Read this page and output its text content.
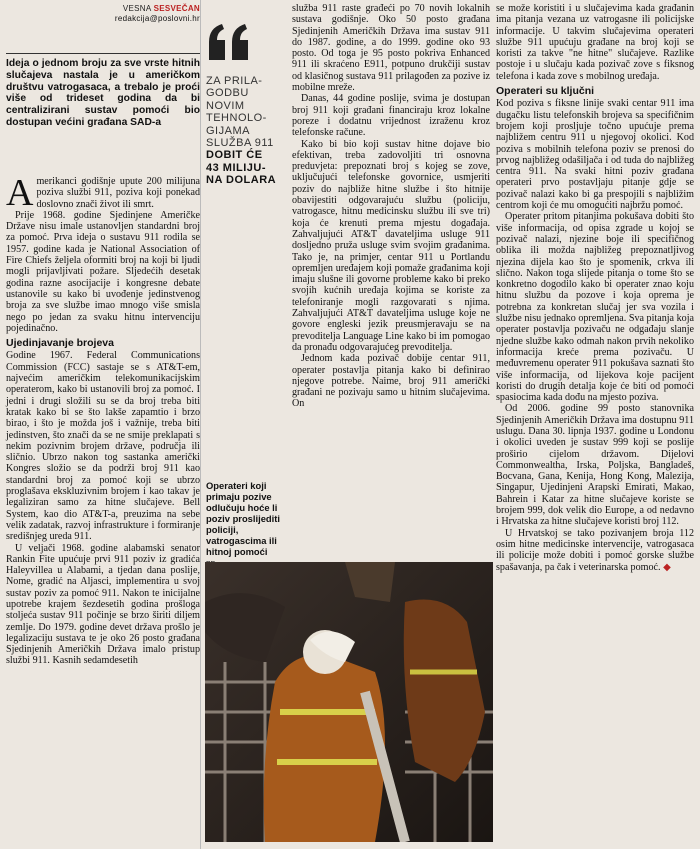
VESNA SESVEČAN
redakcija@poslovni.hr
Ideja o jednom broju za sve vrste hitnih slučajeva nastala je u američkom društvu vatrogasaca, a trebalo je proći više od trideset godina da bi centralizirani sustav pomoći bio dostupan većini građana SAD-a

Amerikanci godišnje upute 200 milijuna poziva službi 911, poziva koji ponekad doslovno znači život ili smrt.

Prije 1968. godine Sjedinjene Američke Države nisu imale ustanovljen standardni broj za pomoć. Prva ideja o sustavu 911 rodila se 1957. godine kada je National Association of Fire Chiefs željela oformiti broj na koji bi ljudi mogli prijavljivati požare. Sljedećih desetak godina razne asocijacije i kongresne debate ustanovile su kako bi uvođenje jedinstvenog broja za sve službe imao mnogo više smisla nego po jedan za svaku hitnu intervenciju pojedinačno.

Ujedinjavanje brojeva

Godine 1967. Federal Communications Commission (FCC) sastaje se s AT&T-em, najvećim američkim telekomunikacijskim operaterom, kako bi ustanovili broj za pomoć. I jedni i drugi složili su se da broj treba biti kratak kako bi se što lakše zapamtio i brzo birao, i što je možda još i važnije, treba biti jedinstven, što znači da se ne smije preklapati s nekim pozivnim brojem države, područja ili sličnio. Ubrzo nakon tog sastanka američki Kongres složio se da podrži broj 911 kao standardni broj za pomoć koji se ubrzo proglašava ekskluzivnim brojem i kao takav je legaliziran samo za hitne slučajeve. Bell System, kao dio AT&T-a, preuzima na sebe velik zadatak, razvoj infrastrukture i formiranje središnjeg ureda 911.

U veljači 1968. godine alabamski senator Rankin Fite upućuje prvi 911 poziv iz gradića Haleyvillea u Alabami, a tjedan dana poslije, Nome, gradić na Aljasci, implementira u svoj sustav poziv za pomoć 911. Nakon te inicijalne upotrebe krajem šezdesetih godina prošloga stoljeća sustav 911 počinje se brzo širiti diljem zemlje. Do 1979. godine devet država prošlo je legalizaciju sustava te je oko 26 posto građana Sjedinjenih Američkih Država imalo pristup službi 911. Kasnih sedamdesetih

ZA PRILA-
GODBU
NOVIM
TEHNOLO-
GIJAMA
SLUŽBA 911
DOBIT ĆE
43 MILIJU-
NA DOLARA
Operateri koji primaju pozive odlučuju hoće li poziv proslijediti policiji, vatrogascima ili hitnoj pomoći

služba 911 raste građeći po 70 novih lokalnih sustava godišnje. Oko 50 posto građana Sjedinjenih Američkih Država ima sustav 911 do 1987. godine, a do 1999. godine oko 93 posto. Od toga je 95 posto pokriva Enhanced 911 ili skraćeno E911, potpuno drukčiji sustav od klasičnog sustava 911 prilagođen za pozive iz mobilne mreže.

Danas, 44 godine poslije, svima je dostupan broj 911 koji građani financiraju kroz lokalne poreze i dodatnu vrijednost izraženu kroz telefonske račune.

Kako bi bio koji sustav hitne dojave bio efektivan, treba zadovoljiti tri osnovna preduvjeta: prepoznati broj s kojeg se zove, uključujući telefonske govornice, usmjeriti poziv do najbliže hitne službe i što hitnije obavijestiti odgovarajuću službu (policiju, vatrogasce, hitnu medicinsku službu ili sve tri) koja će krenuti prema mjestu događaja. Zahvaljujući AT&T davateljima usluge 911 dosljedno pruža usluge svim svojim građanima. Tako je, na primjer, centar 911 u Portlandu opremljen uređajem koji pomaže građanima koji imaju slušne ili govorne probleme kako bi preko svojih kućnih uređaja kojima se koriste za telefoniranje mogli razgovarati s njima. Zahvaljujući AT&T davateljima usluge koje ne govore engleski jezik preusmjeravaju se na prevoditelja Language Line kako bi im pomogao da pronađu odgovarajućeg prevoditelja.

Jednom kada pozivač dobije centar 911, operater postavlja pitanja kako bi definirao njegove potrebe. Naime, broj 911 američki građani ne pozivaju samo u hitnim slučajevima. On

se može koristiti i u slučajevima kada građanin ima pitanja vezana uz vatrogasne ili policijske informacije. U takvim slučajevima operateri službe 911 upućuju građane na broj koji se koristi za takve "ne hitne" slučajeve. Razlike postoje i u slučaju kada pozivač zove s fiksnog telefona i kada zove s mobilnog uređaja.

Operateri su ključni

Kod poziva s fiksne linije svaki centar 911 ima dugačku listu telefonskih brojeva sa specifičnim brojem koji prosljuje točno upućuje prema najbližem centru 911 u njegovoj okolici. Kod poziva s mobilnih telefona poziv se prenosi do prvog najbližeg odašiljača i od tuda do najbližeg centra 911. Na svaki hitni poziv građana operateri prvo postavljaju pitanje gdje se pozivač nalazi kako bi ga prespojili s najbližim centrom koji će mu omogućiti najbržu pomoć.

Operater pritom pitanjima pokušava dobiti što više informacija, od opisa zgrade u kojoj se pozivač nalazi, njezine boje ili specifičnog oblika ili možda najbližeg prepoznatljivog njezina dijela kao što je spomenik, crkva ili slično. Nakon toga slijede pitanja o tome što se konkretno dogodilo kako bi operater znao koju hitnu službu da pozove i koja oprema je potrebna za konkretan slučaj jer sva vozila i službe nisu jednako opremljena. Sva pitanja koja operater postavlja pozivaču ne odgađaju slanje njedne službe kako odmah nakon prvih nekoliko informacija kreće prema pozivaču. U međuvremenu operater 911 pokušava saznati što više informacija, od lijekova koje pacijent koristi do drugih detalja koje će biti od pomoći spasiocima kada dođu na mjesto poziva.

Od 2006. godine 99 posto stanovnika Sjedinjenih Američkih Država ima dostupnu 911 uslugu. Dana 30. lipnja 1937. godine u Londonu i okolici uveden je sustav 999 koji se poslije proširio cijelom državom. Dijelovi Commonwealtha, Irska, Poljska, Bangladeš, Bocvana, Gana, Kenija, Hong Kong, Malezija, Singapur, Ujedinjeni Arapski Emirati, Makao, Bahrein i Katar za hitne slučajeve koriste se brojem 999, dok velik dio Europe, a od nedavno i Hrvatska za hitne slučajeve koristi broj 112.

U Hrvatskoj se tako pozivanjem broja 112 osim hitne medicinske intervencije, vatrogasaca ili policije može dobiti i pomoć gorske službe spašavanja, pa čak i veterinarska pomoć. ◆
